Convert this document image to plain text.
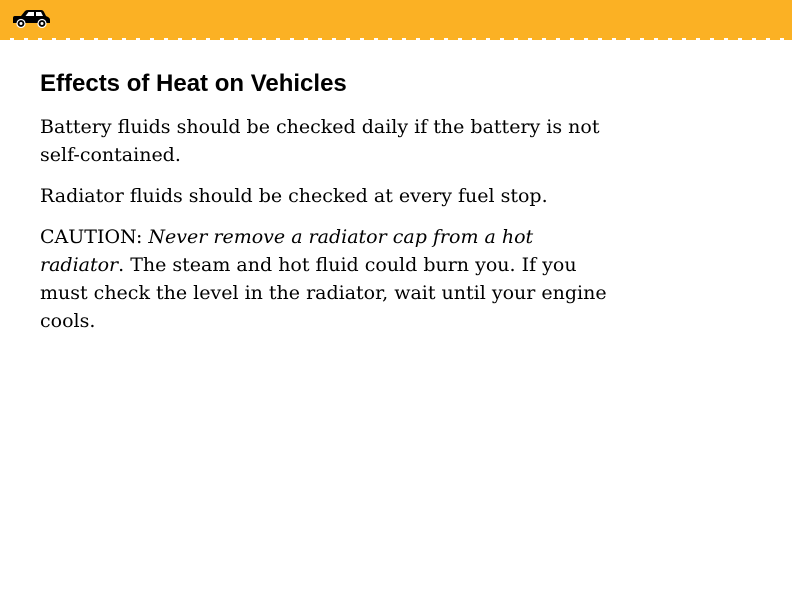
Effects of Heat on Vehicles

Battery fluids should be checked daily if the battery is not self-contained.

Radiator fluids should be checked at every fuel stop.

CAUTION: Never remove a radiator cap from a hot radiator. The steam and hot fluid could burn you. If you must check the level in the radiator, wait until your engine cools.
